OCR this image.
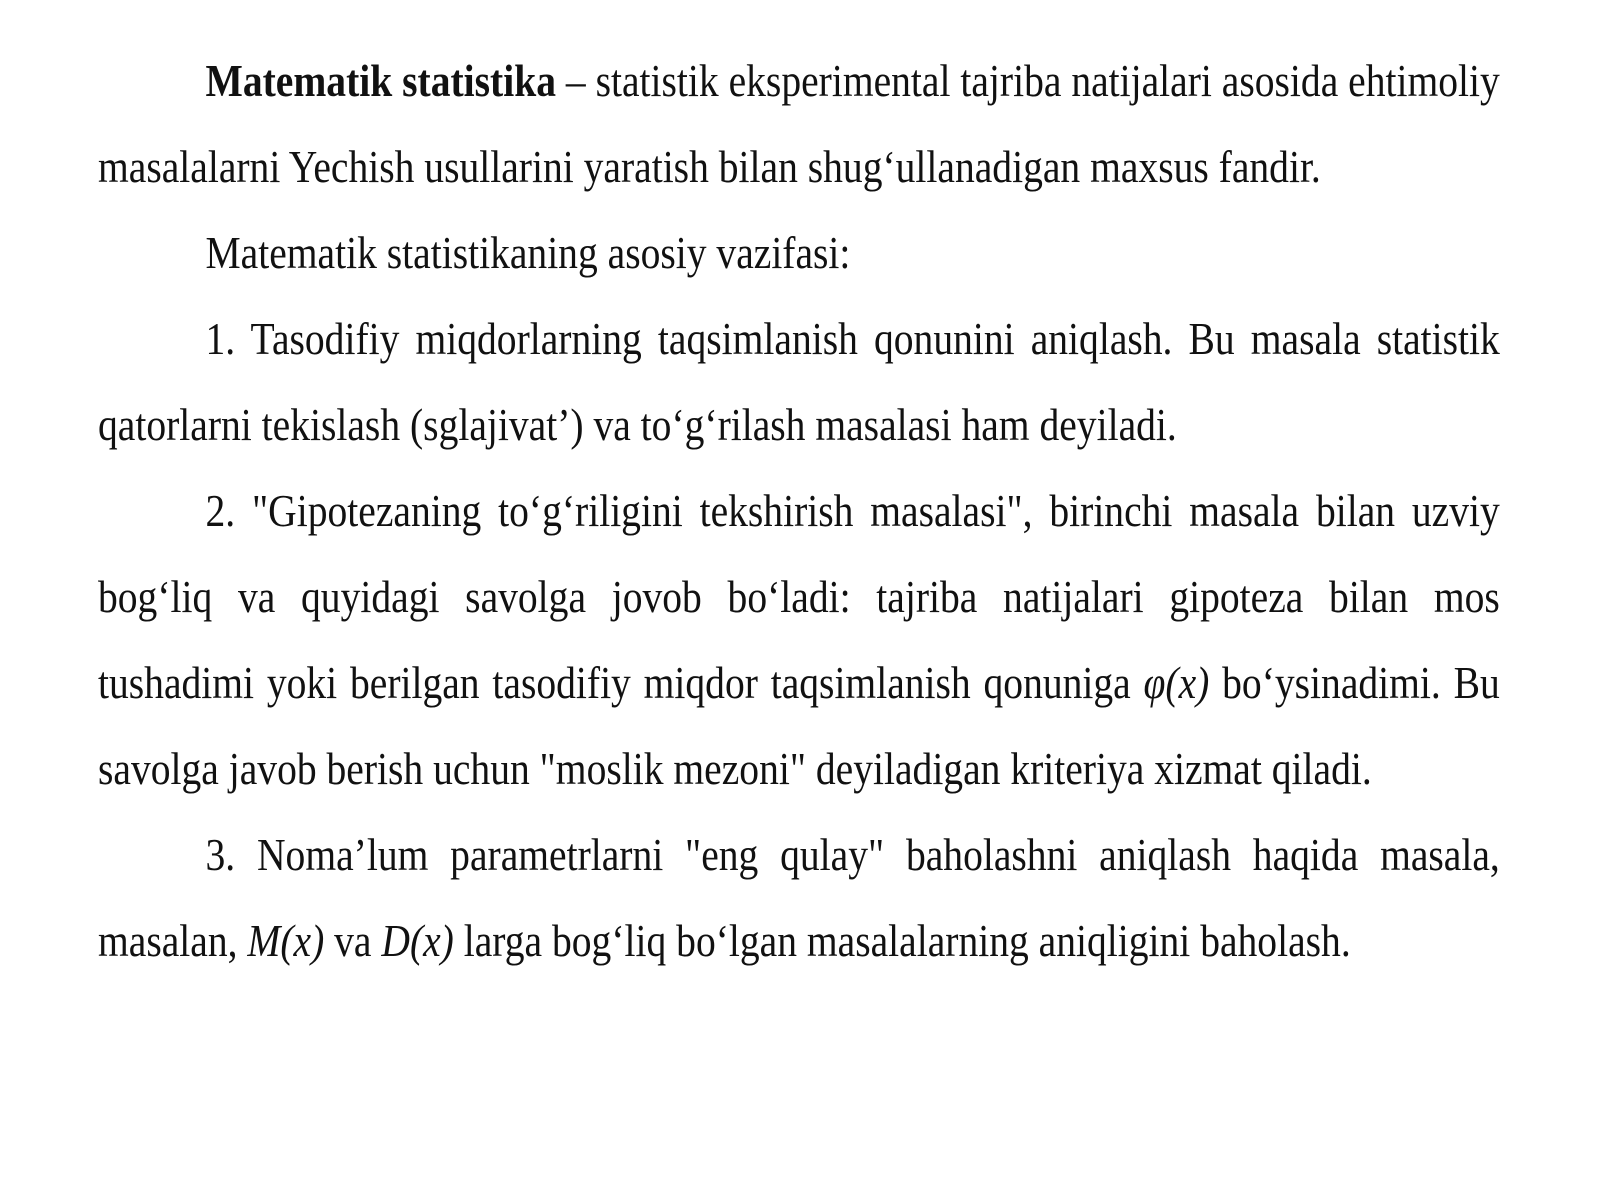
Matematik statistika – statistik eksperimental tajriba natijalari asosida ehtimoliy masalalarni Yechish usullarini yaratish bilan shug‘ullanadigan maxsus fandir.

Matematik statistikaning asosiy vazifasi:

1. Tasodifiy miqdorlarning taqsimlanish qonunini aniqlash. Bu masala statistik qatorlarni tekislash (sglajivat’) va to‘g‘rilash masalasi ham deyiladi.

2. "Gipotezaning to‘g‘riligini tekshirish masalasi", birinchi masala bilan uzviy bog‘liq va quyidagi savolga jovob bo‘ladi: tajriba natijalari gipoteza bilan mos tushadimi yoki berilgan tasodifiy miqdor taqsimlanish qonuniga φ(x) bo‘ysinadimi. Bu savolga javob berish uchun "moslik mezoni" deyiladigan kriteriya xizmat qiladi.

3. Noma’lum parametrlarni "eng qulay" baholashni aniqlash haqida masala, masalan, M(x) va D(x) larga bog‘liq bo‘lgan masalalarning aniqligini baholash.
